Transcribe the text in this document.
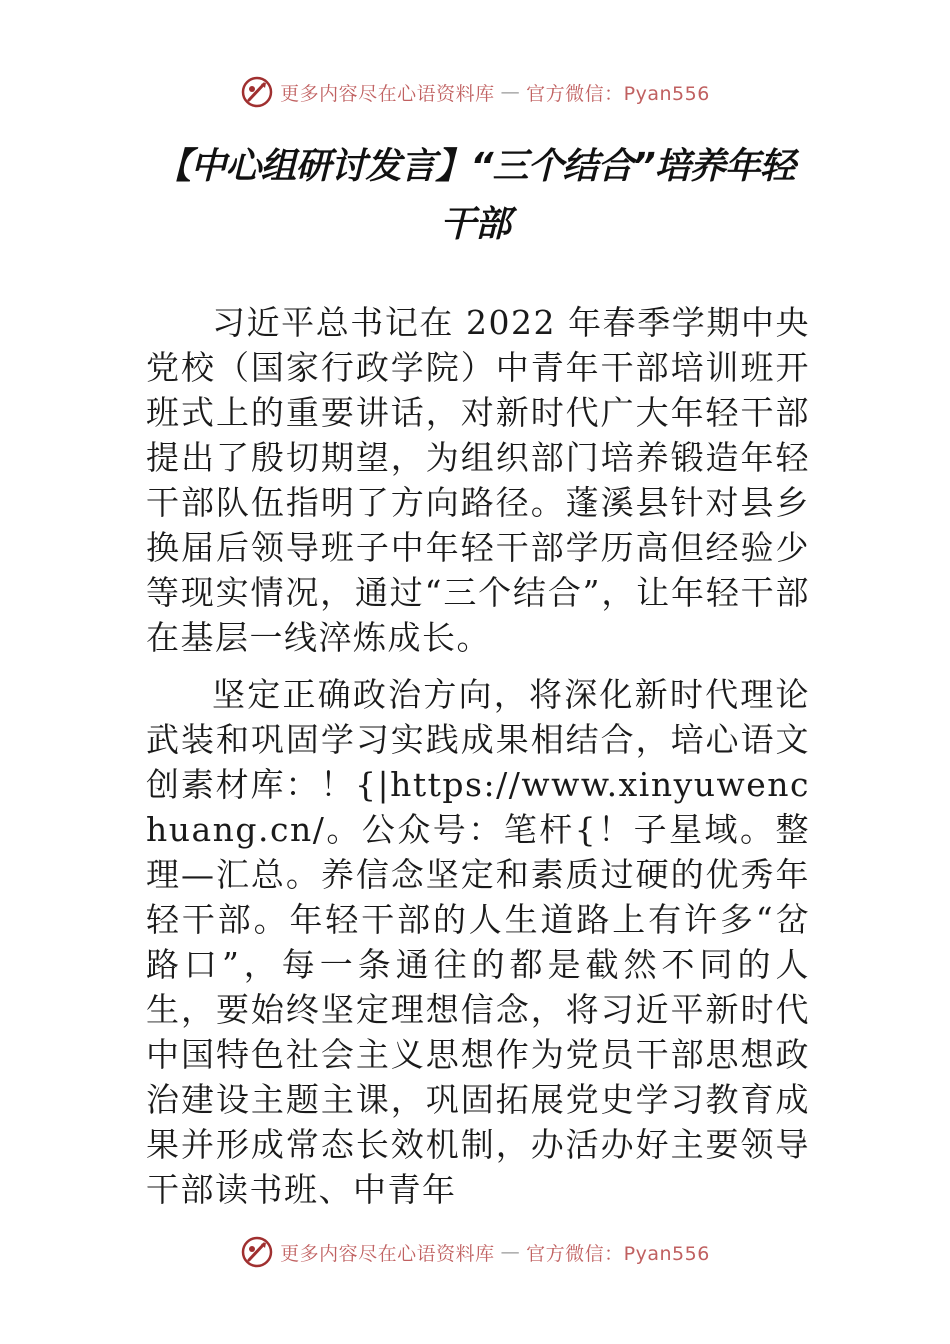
更多内容尽在心语资料库 — 官方微信：Pyan556
【中心组研讨发言】“三个结合”培养年轻干部

习近平总书记在 2022 年春季学期中央党校（国家行政学院）中青年干部培训班开班式上的重要讲话，对新时代广大年轻干部提出了殷切期望，为组织部门培养锻造年轻干部队伍指明了方向路径。蓬溪县针对县乡换届后领导班子中年轻干部学历高但经验少等现实情况，通过“三个结合”，让年轻干部在基层一线淬炼成长。

坚定正确政治方向，将深化新时代理论武装和巩固学习实践成果相结合，培心语文创素材库：！{|https://www.xinyuwenchuang.cn/。公众号：笔杆{！子星域。整理—汇总。养信念坚定和素质过硬的优秀年轻干部。年轻干部的人生道路上有许多“岔路口”，每一条通往的都是截然不同的人生，要始终坚定理想信念，将习近平新时代中国特色社会主义思想作为党员干部思想政治建设主题主课，巩固拓展党史学习教育成果并形成常态长效机制，办活办好主要领导干部读书班、中青年

更多内容尽在心语资料库 — 官方微信：Pyan556
